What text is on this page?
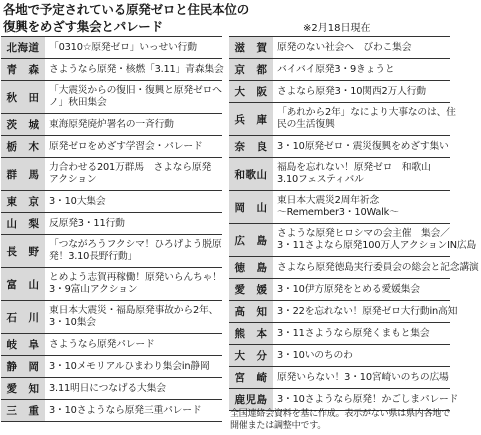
各地で予定されている原発ゼロと住民本位の
復興をめざす集会とパレード	※2月18日現在
北海道 「0310☆原発ゼロ」いっせい行動
青　森 さようなら原発・核燃「3.11」青森集会
秋　田
「大震災からの復旧・復興と原発ゼロへ
ノ」秋田集会
茨　城 東海原発廃炉署名の一斉行動
栃　木 原発ゼロをめざす学習会・パレード
群　馬
力合わせる201万群馬　さよなら原発
アクション
東　京 3・10大集会
山　梨 反原発3・11行動
長　野
「つながろうフクシマ！ひろげよう脱原
発！3.10長野行動」
富　山
とめよう志賀再稼働！原発いらんちゃ！
3・9富山アクション
石　川
東日本大震災・福島原発事故から2年、
3・10集会
岐　阜 さようなら原発パレード
静　岡 3・10メモリアルひまわり集会in静岡
愛　知 3.11明日につなげる大集会
三　重 3・10さようなら原発三重パレード
滋　賀 原発のない社会へ　びわこ集会
京　都 バイバイ原発3・9きょうと
大　阪 さよなら原発3・10関西2万人行動
兵　庫
「あれから2年」なにより大事なのは、住
民の生活復興
奈　良 3・10原発ゼロ・震災復興をめざす集い
和歌山
福島を忘れない！原発ゼロ　和歌山
3.10フェスティバル
岡　山
東日本大震災2周年祈念
〜Remember3・10Walk〜
広　島
さような原発ヒロシマの会主催　集会／
3・11さよなら原発100万人アクションIN広島
徳　島 さよなら原発徳島実行委員会の総会と記念講演
愛　媛 3・10伊方原発をとめる愛媛集会
高　知 3・22を忘れない！原発ゼロ大行動in高知
熊　本 3・11さようなら原発くまもと集会
大　分 3・10いのちのわ
宮　崎 原発いらない！3・10宮崎いのちの広場
鹿児島 3・10さようなら原発！かごしまパレード
全国連絡会資料を基に作成。表示がない県は県内各地で
開催または調整中です。
